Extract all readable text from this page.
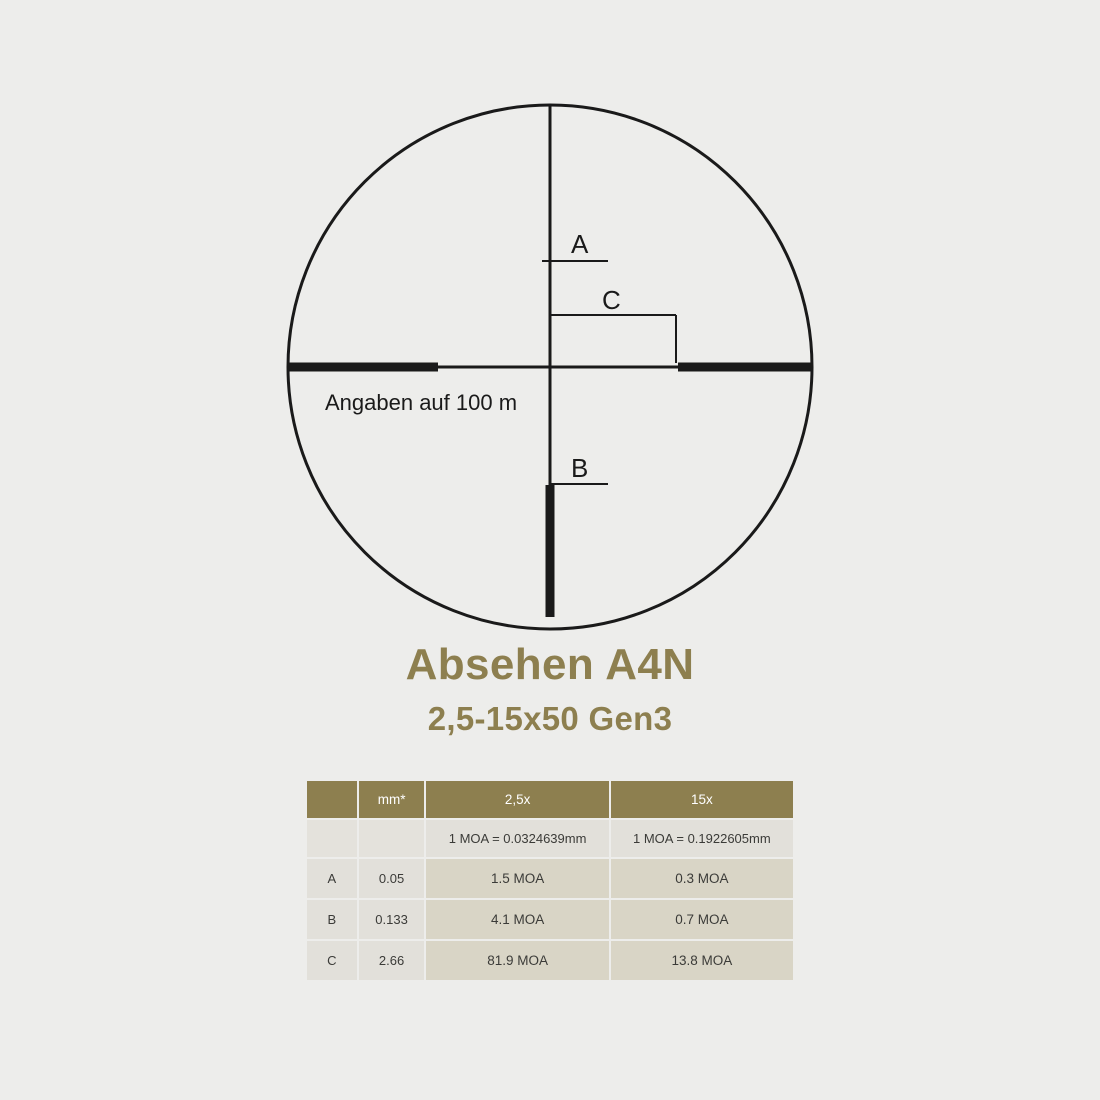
A
C
B
Angaben auf 100 m
Absehen A4N
2,5-15x50 Gen3
	mm*	2,5x	15x
		1 MOA = 0.0324639mm	1 MOA = 0.1922605mm
A	0.05	1.5 MOA	0.3 MOA
B	0.133	4.1 MOA	0.7 MOA
C	2.66	81.9 MOA	13.8 MOA
